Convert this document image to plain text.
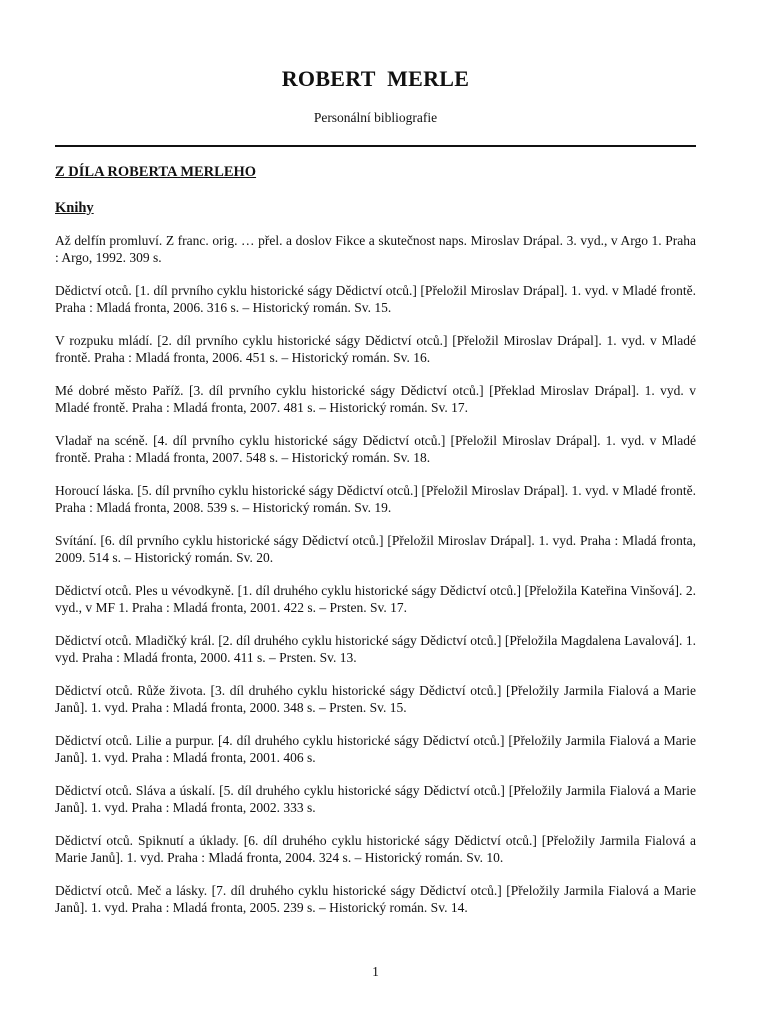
ROBERT MERLE
Personální bibliografie
Z DÍLA ROBERTA MERLEHO
Knihy

Až delfín promluví. Z franc. orig. … přel. a doslov Fikce a skutečnost naps. Miroslav Drápal. 3. vyd., v Argo 1. Praha : Argo, 1992. 309 s.

Dědictví otců. [1. díl prvního cyklu historické ságy Dědictví otců.] [Přeložil Miroslav Drápal]. 1. vyd. v Mladé frontě. Praha : Mladá fronta, 2006. 316 s. – Historický román. Sv. 15.

V rozpuku mládí. [2. díl prvního cyklu historické ságy Dědictví otců.] [Přeložil Miroslav Drápal]. 1. vyd. v Mladé frontě. Praha : Mladá fronta, 2006. 451 s. – Historický román. Sv. 16.

Mé dobré město Paříž. [3. díl prvního cyklu historické ságy Dědictví otců.] [Překlad Miroslav Drápal]. 1. vyd. v Mladé frontě. Praha : Mladá fronta, 2007. 481 s. – Historický román. Sv. 17.

Vladař na scéně. [4. díl prvního cyklu historické ságy Dědictví otců.] [Přeložil Miroslav Drápal]. 1. vyd. v Mladé frontě. Praha : Mladá fronta, 2007. 548 s. – Historický román. Sv. 18.

Horoucí láska. [5. díl prvního cyklu historické ságy Dědictví otců.] [Přeložil Miroslav Drápal]. 1. vyd. v Mladé frontě. Praha : Mladá fronta, 2008. 539 s. – Historický román. Sv. 19.

Svítání. [6. díl prvního cyklu historické ságy Dědictví otců.] [Přeložil Miroslav Drápal]. 1. vyd. Praha : Mladá fronta, 2009. 514 s. – Historický román. Sv. 20.

Dědictví otců. Ples u vévodkyně. [1. díl druhého cyklu historické ságy Dědictví otců.] [Přeložila Kateřina Vinšová]. 2. vyd., v MF 1. Praha : Mladá fronta, 2001. 422 s. – Prsten. Sv. 17.

Dědictví otců. Mladičký král. [2. díl druhého cyklu historické ságy Dědictví otců.] [Přeložila Magdalena Lavalová]. 1. vyd. Praha : Mladá fronta, 2000. 411 s. – Prsten. Sv. 13.

Dědictví otců. Růže života. [3. díl druhého cyklu historické ságy Dědictví otců.] [Přeložily Jarmila Fialová a Marie Janů]. 1. vyd. Praha : Mladá fronta, 2000. 348 s. – Prsten. Sv. 15.

Dědictví otců. Lilie a purpur. [4. díl druhého cyklu historické ságy Dědictví otců.] [Přeložily Jarmila Fialová a Marie Janů]. 1. vyd. Praha : Mladá fronta, 2001. 406 s.

Dědictví otců. Sláva a úskalí. [5. díl druhého cyklu historické ságy Dědictví otců.] [Přeložily Jarmila Fialová a Marie Janů]. 1. vyd. Praha : Mladá fronta, 2002. 333 s.

Dědictví otců. Spiknutí a úklady. [6. díl druhého cyklu historické ságy Dědictví otců.] [Přeložily Jarmila Fialová a Marie Janů]. 1. vyd. Praha : Mladá fronta, 2004. 324 s. – Historický román. Sv. 10.

Dědictví otců. Meč a lásky. [7. díl druhého cyklu historické ságy Dědictví otců.] [Přeložily Jarmila Fialová a Marie Janů]. 1. vyd. Praha : Mladá fronta, 2005. 239 s. – Historický román. Sv. 14.

1
